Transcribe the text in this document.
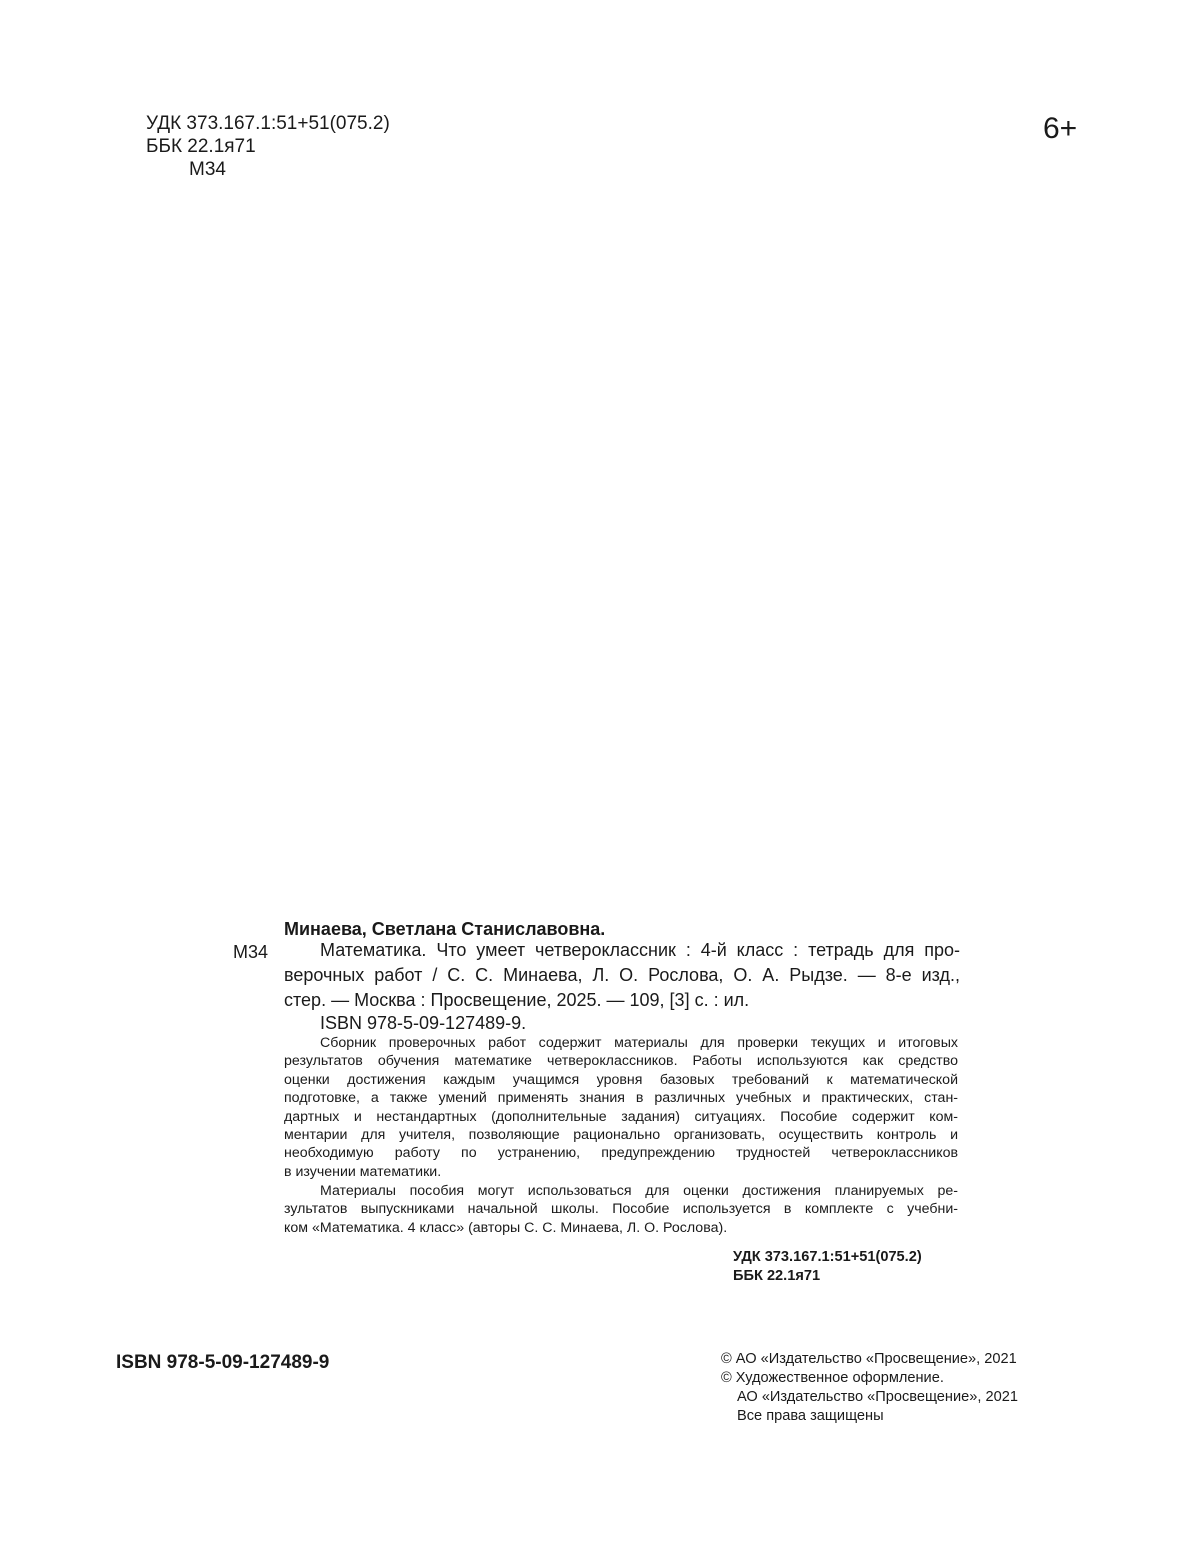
УДК 373.167.1:51+51(075.2)
ББК 22.1я71
М34
6+
Минаева, Светлана Станиславовна.
М34	Математика. Что умеет четвероклассник : 4-й класс : тетрадь для про-
верочных работ / С. С. Минаева, Л. О. Рослова, О. А. Рыдзе. — 8-е изд.,
стер. — Москва : Просвещение, 2025. — 109, [3] с. : ил.
ISBN 978-5-09-127489-9.
Сборник проверочных работ содержит материалы для проверки текущих и итоговых
результатов обучения математике четвероклассников. Работы используются как средство
оценки достижения каждым учащимся уровня базовых требований к математической
подготовке, а также умений применять знания в различных учебных и практических, стан-
дартных и нестандартных (дополнительные задания) ситуациях. Пособие содержит ком-
ментарии для учителя, позволяющие рационально организовать, осуществить контроль и
необходимую работу по устранению, предупреждению трудностей четвероклассников
в изучении математики.
Материалы пособия могут использоваться для оценки достижения планируемых ре-
зультатов выпускниками начальной школы. Пособие используется в комплекте с учебни-
ком «Математика. 4 класс» (авторы С. С. Минаева, Л. О. Рослова).
УДК 373.167.1:51+51(075.2)
ББК 22.1я71
ISBN 978-5-09-127489-9	© АО «Издательство «Просвещение», 2021
© Художественное оформление.
АО «Издательство «Просвещение», 2021
Все права защищены
